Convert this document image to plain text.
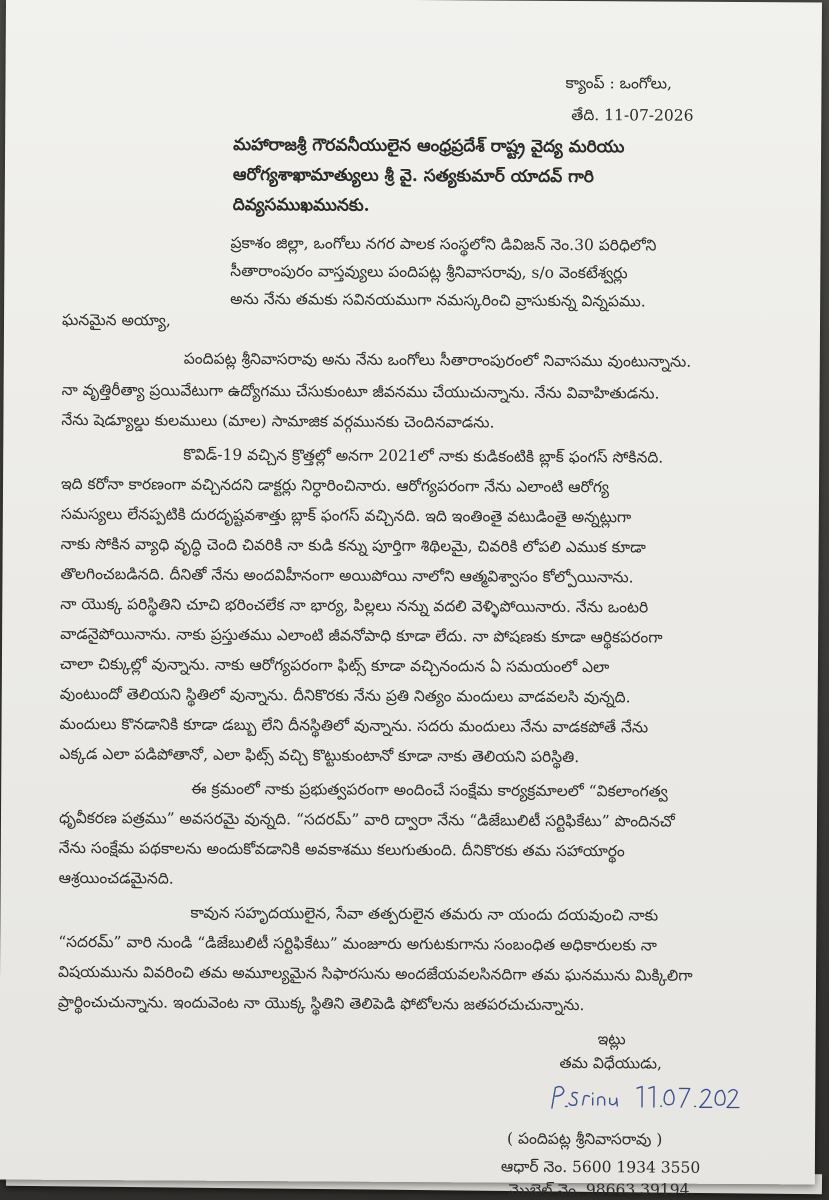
క్యాంప్ : ఒంగోలు,

తేది. 11-07-2026

మహారాజశ్రీ గౌరవనీయులైన ఆంధ్రప్రదేశ్ రాష్ట్ర వైద్య మరియు

ఆరోగ్యశాఖామాత్యులు శ్రీ వై. సత్యకుమార్ యాదవ్ గారి

దివ్యసముఖమునకు.

ప్రకాశం జిల్లా, ఒంగోలు నగర పాలక సంస్థలోని డివిజన్ నెం.30 పరిధిలోని

సీతారాంపురం వాస్తవ్యులు పందిపట్ల శ్రీనివాసరావు, s/o వెంకటేశ్వర్లు

అను నేను తమకు సవినయముగా నమస్కరించి వ్రాసుకున్న విన్నపము.

ఘనమైన అయ్యా,

పందిపట్ల శ్రీనివాసరావు అను నేను ఒంగోలు సీతారాంపురంలో నివాసము వుంటున్నాను.

నా వృత్తిరీత్యా ప్రయివేటుగా ఉద్యోగము చేసుకుంటూ జీవనము చేయుచున్నాను. నేను వివాహితుడను.

నేను షెడ్యూల్డు కులములు (మాల) సామాజిక వర్గమునకు చెందినవాడను.

కొవిడ్-19 వచ్చిన క్రొత్తల్లో అనగా 2021లో నాకు కుడికంటికి బ్లాక్ ఫంగస్ సోకినది.

ఇది కరోనా కారణంగా వచ్చినదని డాక్టర్లు నిర్ధారించినారు. ఆరోగ్యపరంగా నేను ఎలాంటి ఆరోగ్య

సమస్యలు లేనప్పటికి దురదృష్టవశాత్తు బ్లాక్ ఫంగస్ వచ్చినది. ఇది ఇంతింతై వటుడింతై అన్నట్లుగా

నాకు సోకిన వ్యాధి వృద్ధి చెంది చివరికి నా కుడి కన్ను పూర్తిగా శిథిలమై, చివరికి లోపలి ఎముక కూడా

తొలగించబడినది. దీనితో నేను అందవిహీనంగా అయిపోయి నాలోని ఆత్మవిశ్వాసం కోల్పోయినాను.

నా యొక్క పరిస్థితిని చూచి భరించలేక నా భార్య, పిల్లలు నన్ను వదలి వెళ్ళిపోయినారు. నేను ఒంటరి

వాడనైపోయినాను. నాకు ప్రస్తుతము ఎలాంటి జీవనోపాధి కూడా లేదు. నా పోషణకు కూడా ఆర్థికపరంగా

చాలా చిక్కుల్లో వున్నాను. నాకు ఆరోగ్యపరంగా ఫిట్స్ కూడా వచ్చినందున ఏ సమయంలో ఎలా

వుంటుందో తెలియని స్థితిలో వున్నాను. దీనికొరకు నేను ప్రతి నిత్యం మందులు వాడవలసి వున్నది.

మందులు కొనడానికి కూడా డబ్బు లేని దీనస్థితిలో వున్నాను. సదరు మందులు నేను వాడకపోతే నేను

ఎక్కడ ఎలా పడిపోతానో, ఎలా ఫిట్స్ వచ్చి కొట్టుకుంటానో కూడా నాకు తెలియని పరిస్థితి.

ఈ క్రమంలో నాకు ప్రభుత్వపరంగా అందించే సంక్షేమ కార్యక్రమాలలో “వికలాంగత్వ

ధృవీకరణ పత్రము” అవసరమై వున్నది. “సదరమ్” వారి ద్వారా నేను “డిజేబులిటీ సర్టిఫికేటు” పొందినచో

నేను సంక్షేమ పథకాలను అందుకోవడానికి అవకాశము కలుగుతుంది. దీనికొరకు తమ సహాయార్థం

ఆశ్రయించడమైనది.

కావున సహృదయులైన, సేవా తత్పరులైన తమరు నా యందు దయవుంచి నాకు

“సదరమ్” వారి నుండి “డిజేబులిటీ సర్టిఫికేటు” మంజూరు అగుటకుగాను సంబంధిత అధికారులకు నా

విషయమును వివరించి తమ అమూల్యమైన సిఫారసును అందజేయవలసినదిగా తమ ఘనమును మిక్కిలిగా

ప్రార్థించుచున్నాను. ఇందువెంట నా యొక్క స్థితిని తెలిపెడి ఫోటోలను జతపరచుచున్నాను.

ఇట్లు

తమ విధేయుడు,

( పందిపట్ల శ్రీనివాసరావు )

ఆధార్ నెం. 5600 1934 3550

మొబైల్ నెం. 98663 39194.
